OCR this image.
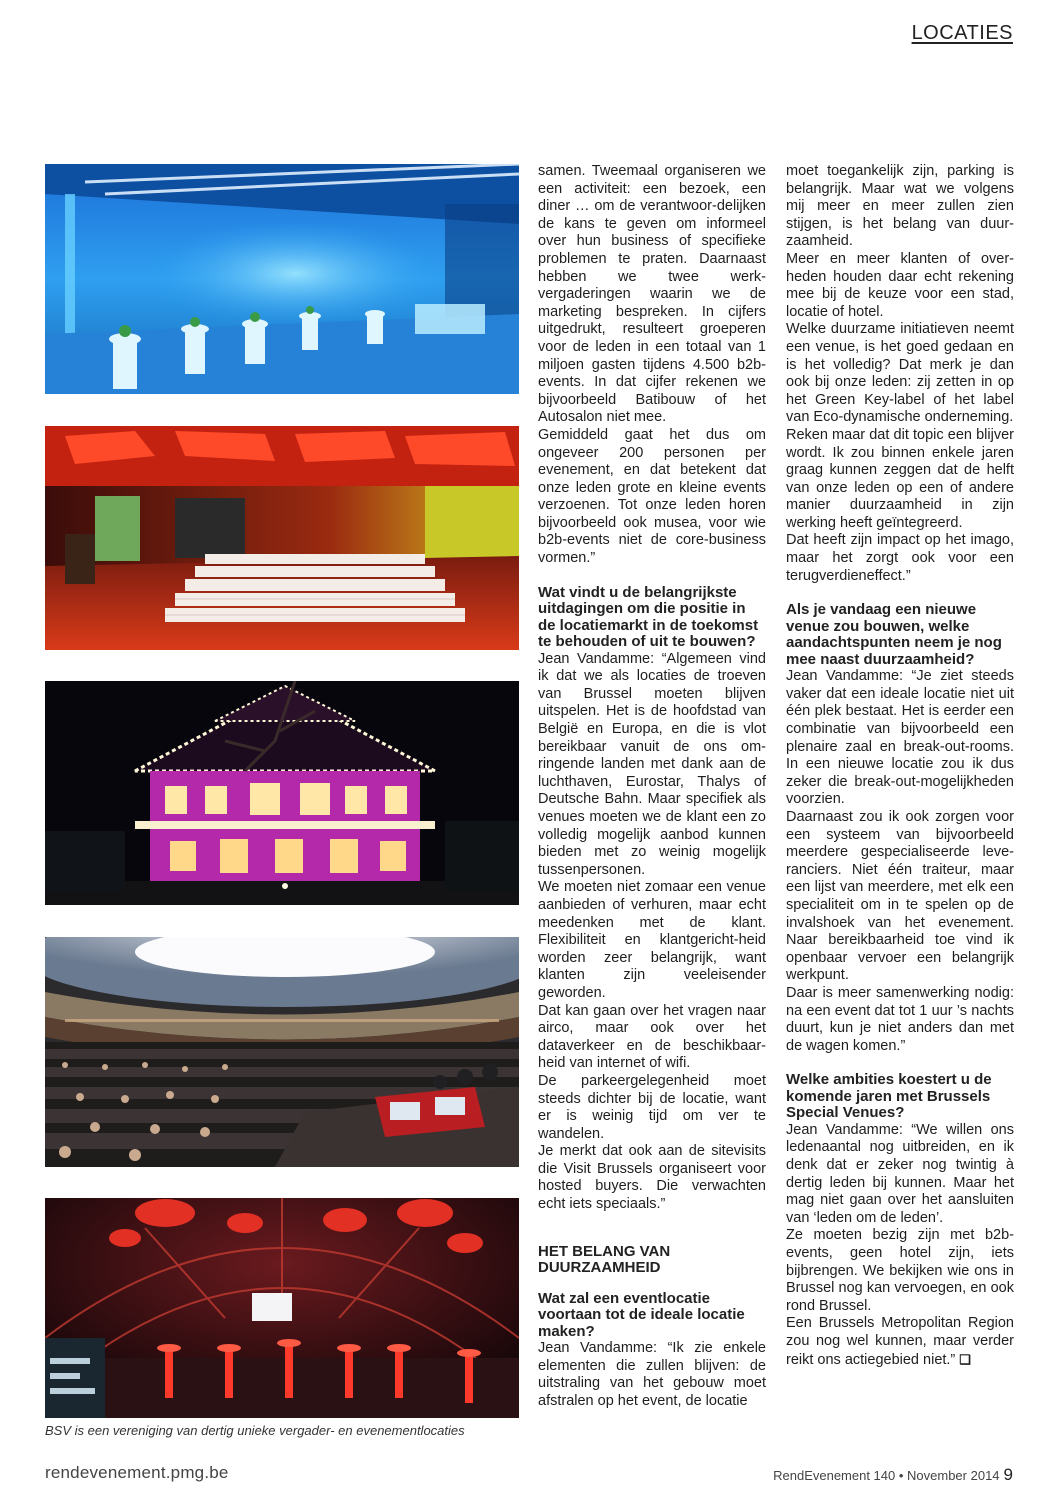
LOCATIES
BSV is een vereniging van dertig unieke vergader- en evenementlocaties

samen. Tweemaal organiseren we een activiteit: een bezoek, een diner … om de verantwoor-delijken de kans te geven om informeel over hun business of specifieke problemen te praten. Daarnaast hebben we twee werk-vergaderingen waarin we de marketing bespreken. In cijfers uitgedrukt, resulteert groeperen voor de leden in een totaal van 1 miljoen gasten tijdens 4.500 b2b-events. In dat cijfer rekenen we bijvoorbeeld Batibouw of het Autosalon niet mee.

Gemiddeld gaat het dus om ongeveer 200 personen per evenement, en dat betekent dat onze leden grote en kleine events verzoenen. Tot onze leden horen bijvoorbeeld ook musea, voor wie b2b-events niet de core-business vormen.”

Wat vindt u de belangrijkste uitdagingen om die positie in de locatiemarkt in de toekomst te behouden of uit te bouwen?

Jean Vandamme: “Algemeen vind ik dat we als locaties de troeven van Brussel moeten blijven uitspelen. Het is de hoofdstad van België en Europa, en die is vlot bereikbaar vanuit de ons om-ringende landen met dank aan de luchthaven, Eurostar, Thalys of Deutsche Bahn. Maar specifiek als venues moeten we de klant een zo volledig mogelijk aanbod kunnen bieden met zo weinig mogelijk tussenpersonen.

We moeten niet zomaar een venue aanbieden of verhuren, maar echt meedenken met de klant. Flexibiliteit en klantgericht-heid worden zeer belangrijk, want klanten zijn veeleisender geworden.

Dat kan gaan over het vragen naar airco, maar ook over het dataverkeer en de beschikbaar-heid van internet of wifi.

De parkeergelegenheid moet steeds dichter bij de locatie, want er is weinig tijd om ver te wandelen.

Je merkt dat ook aan de sitevisits die Visit Brussels organiseert voor hosted buyers. Die verwachten echt iets speciaals.”

HET BELANG VAN DUURZAAMHEID
Wat zal een eventlocatie voortaan tot de ideale locatie maken?

Jean Vandamme: “Ik zie enkele elementen die zullen blijven: de uitstraling van het gebouw moet afstralen op het event, de locatie

moet toegankelijk zijn, parking is belangrijk. Maar wat we volgens mij meer en meer zullen zien stijgen, is het belang van duur-zaamheid.

Meer en meer klanten of over-heden houden daar echt rekening mee bij de keuze voor een stad, locatie of hotel.

Welke duurzame initiatieven neemt een venue, is het goed gedaan en is het volledig? Dat merk je dan ook bij onze leden: zij zetten in op het Green Key-label of het label van Eco-dynamische onderneming.

Reken maar dat dit topic een blijver wordt. Ik zou binnen enkele jaren graag kunnen zeggen dat de helft van onze leden op een of andere manier duurzaamheid in zijn werking heeft geïntegreerd.

Dat heeft zijn impact op het imago, maar het zorgt ook voor een terugverdieneffect.”

Als je vandaag een nieuwe venue zou bouwen, welke aandachtspunten neem je nog mee naast duurzaamheid?

Jean Vandamme: “Je ziet steeds vaker dat een ideale locatie niet uit één plek bestaat. Het is eerder een combinatie van bijvoorbeeld een plenaire zaal en break-out-rooms. In een nieuwe locatie zou ik dus zeker die break-out-mogelijkheden voorzien.

Daarnaast zou ik ook zorgen voor een systeem van bijvoorbeeld meerdere gespecialiseerde leve-ranciers. Niet één traiteur, maar een lijst van meerdere, met elk een specialiteit om in te spelen op de invalshoek van het evenement. Naar bereikbaarheid toe vind ik openbaar vervoer een belangrijk werkpunt.

Daar is meer samenwerking nodig: na een event dat tot 1 uur ’s nachts duurt, kun je niet anders dan met de wagen komen.”

Welke ambities koestert u de komende jaren met Brussels Special Venues?

Jean Vandamme: “We willen ons ledenaantal nog uitbreiden, en ik denk dat er zeker nog twintig à dertig leden bij kunnen. Maar het mag niet gaan over het aansluiten van ‘leden om de leden’.

Ze moeten bezig zijn met b2b-events, geen hotel zijn, iets bijbrengen. We bekijken wie ons in Brussel nog kan vervoegen, en ook rond Brussel.

Een Brussels Metropolitan Region zou nog wel kunnen, maar verder reikt ons actiegebied niet.” ❑

rendevenement.pmg.be	RendEvenement 140 • November 2014 9
